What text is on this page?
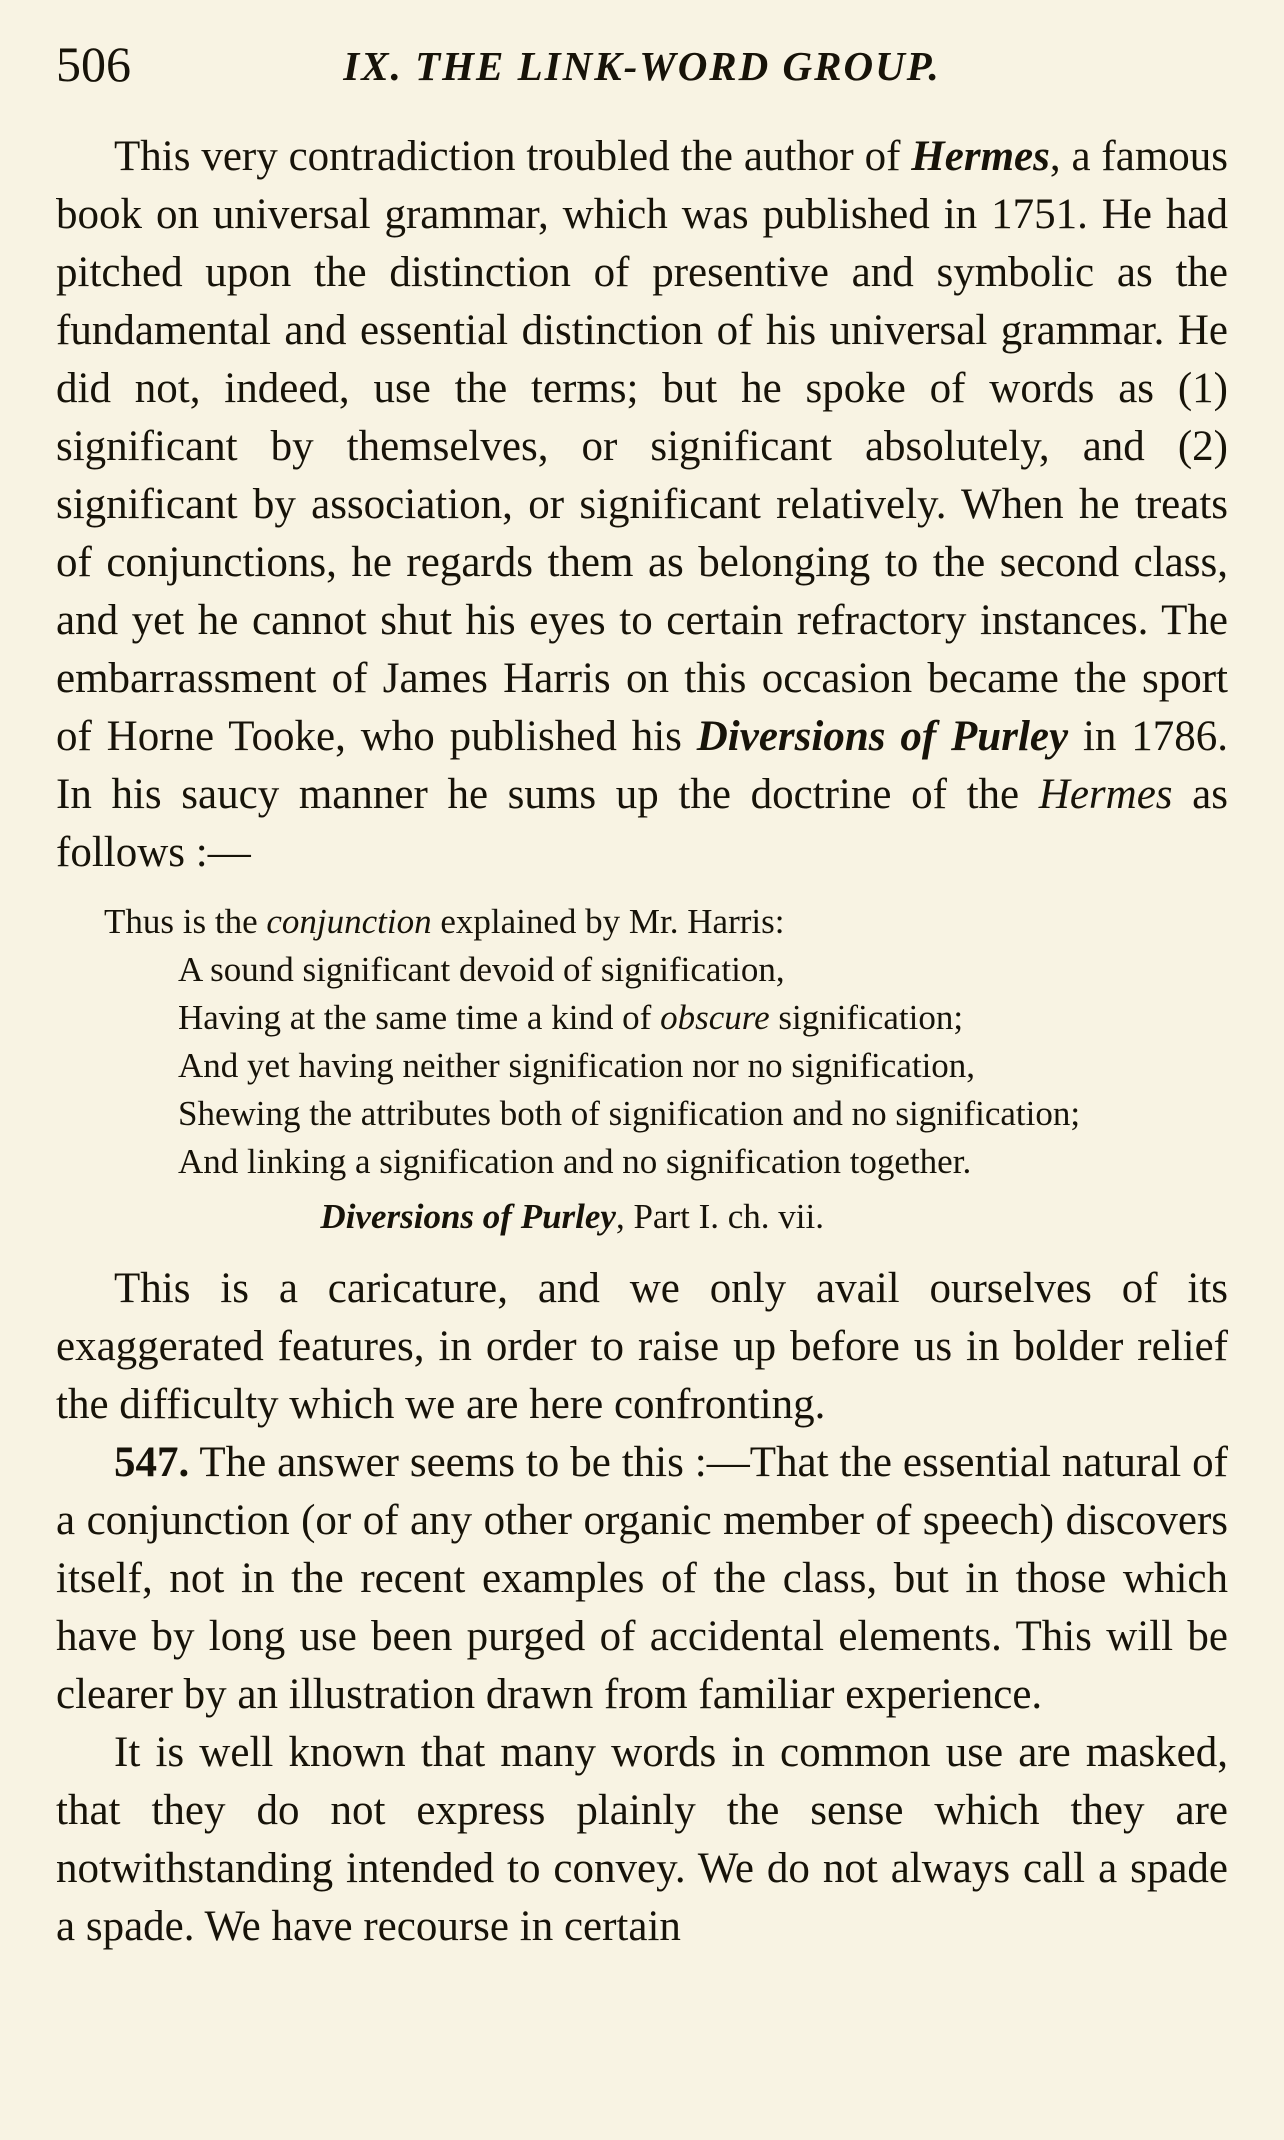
506	IX. THE LINK-WORD GROUP.

This very contradiction troubled the author of Hermes, a famous book on universal grammar, which was published in 1751. He had pitched upon the distinction of presentive and symbolic as the fundamental and essential distinction of his universal grammar. He did not, indeed, use the terms; but he spoke of words as (1) significant by themselves, or significant absolutely, and (2) significant by association, or significant relatively. When he treats of conjunctions, he regards them as belonging to the second class, and yet he cannot shut his eyes to certain refractory instances. The embarrassment of James Harris on this occasion became the sport of Horne Tooke, who published his Diversions of Purley in 1786. In his saucy manner he sums up the doctrine of the Hermes as follows :—

Thus is the conjunction explained by Mr. Harris:
A sound significant devoid of signification,
Having at the same time a kind of obscure signification;
And yet having neither signification nor no signification,
Shewing the attributes both of signification and no signification;
And linking a signification and no signification together.
Diversions of Purley, Part I. ch. vii.

This is a caricature, and we only avail ourselves of its exaggerated features, in order to raise up before us in bolder relief the difficulty which we are here confronting.

547. The answer seems to be this :—That the essential natural of a conjunction (or of any other organic member of speech) discovers itself, not in the recent examples of the class, but in those which have by long use been purged of accidental elements. This will be clearer by an illustration drawn from familiar experience.

It is well known that many words in common use are masked, that they do not express plainly the sense which they are notwithstanding intended to convey. We do not always call a spade a spade. We have recourse in certain
